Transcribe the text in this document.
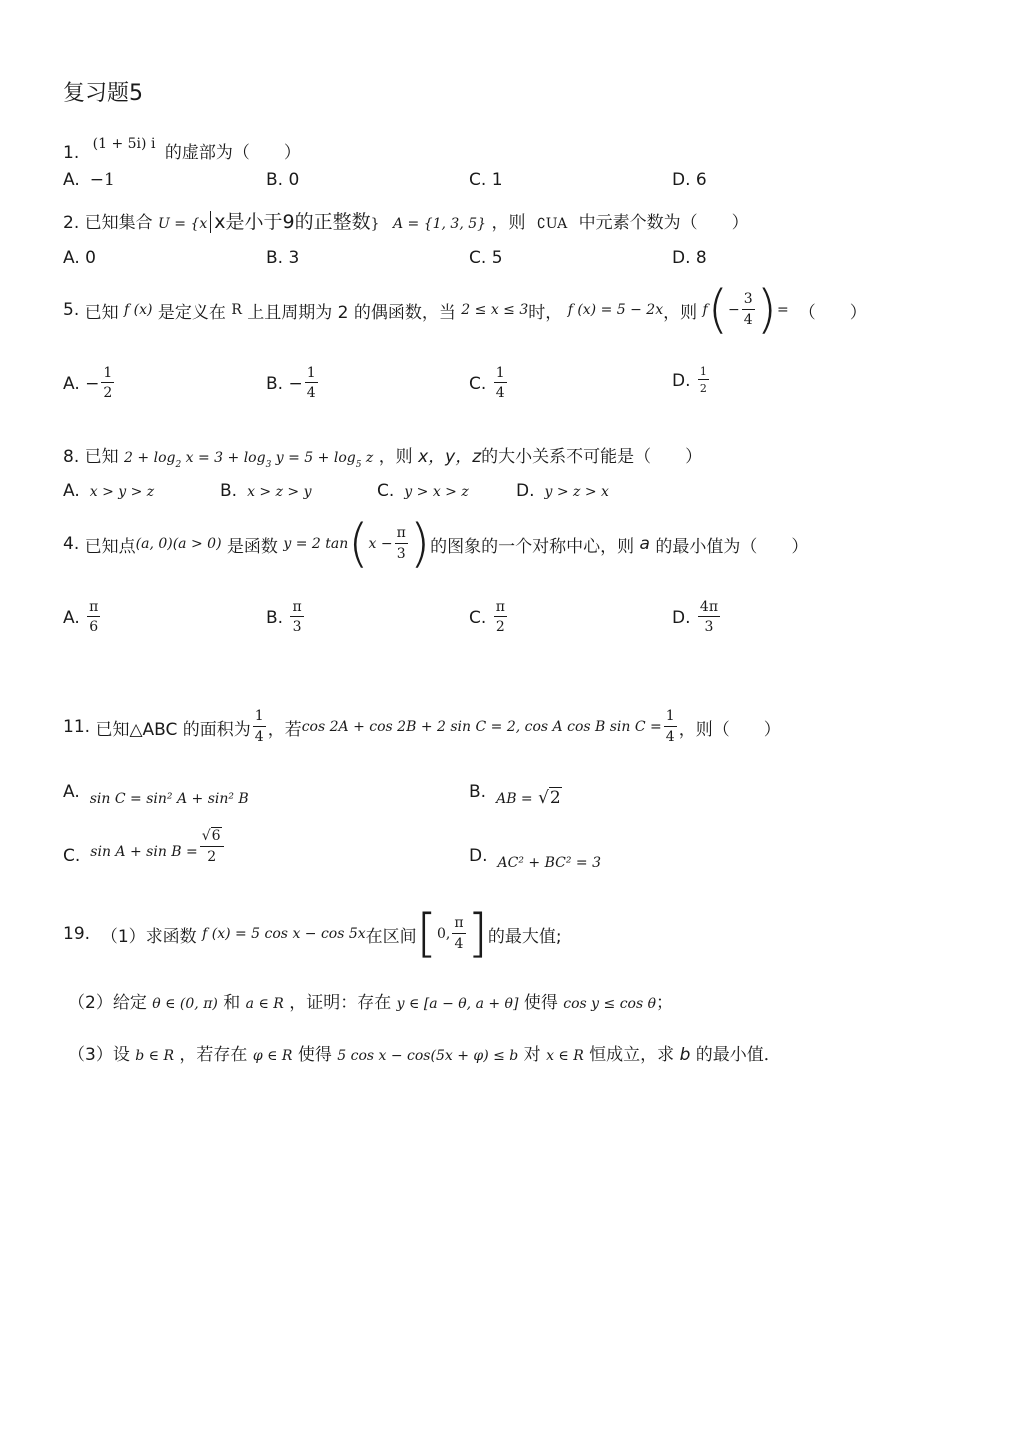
复习题5
1. $^{(1 + 5i) i}$ 的虚部为（　　）
A. −1	B. 0	C. 1	D. 6
2. 已知集合 U = {x x是小于9的正整数} A = {1, 3, 5} ，则 ∁UA 中元素个数为（　　）
A. 0	B. 3	C. 5	D. 8
5.
已知
f (x)
是定义在
R
上且周期为 2 的偶函数，当
2 ≤ x ≤ 3 时，
f (x) = 5 − 2x ，则
f ( − $\frac{3}{4}$ ) = （　　）
A.
− $\frac{1}{2}$	B.
− $\frac{1}{4}$	C.
$\frac{1}{4}$	D.
$\frac{1}{2}$
8. 已知 $2 + \log_2 x = 3 + \log_3 y = 5 + \log_5 z$ ，则 x，y，z的大小关系不可能是（　　）
A. x > y > z	B. x > z > y	C. y > x > z	D. y > z > x
4.
已知点 (a, 0)(a > 0)
是函数
y = 2 tan ( $x - \frac{\pi}{3}$ ) 的图象的一个对称中心，则
a
的最小值为（　　）
A.
$\frac{\pi}{6}$	B.
$\frac{\pi}{3}$	C.
$\frac{\pi}{2}$	D.
$\frac{4\pi}{3}$
11.
已知△ABC 的面积为 $\frac{1}{4}$ ，若 cos 2A + cos 2B + 2 sin C = 2, cos A cos B $\sin C = \frac{1}{4}$ ，则（　　）
A. $_{sin C = sin^2 A + sin^2 B}$	B. $_{AB =}$ √2
C. $\sin A + \sin B = \frac{√6}{2}$	D. $_{AC^2 + BC^2 = 3}$
19.
（1） 求函数
f (x) = 5 cos x − cos 5x 在区间 [ 0, $\frac{\pi}{4}$ ] 的最大值;
（2）给定 θ ∈ (0, π) 和 a ∈ R ，证明：存在 y ∈ [a − θ, a + θ] 使得 cos y ≤ cos θ；
（3）设 b ∈ R ，若存在 φ ∈ R 使得 5 cos x − cos(5x + φ) ≤ b 对 x ∈ R 恒成立，求 b 的最小值．
